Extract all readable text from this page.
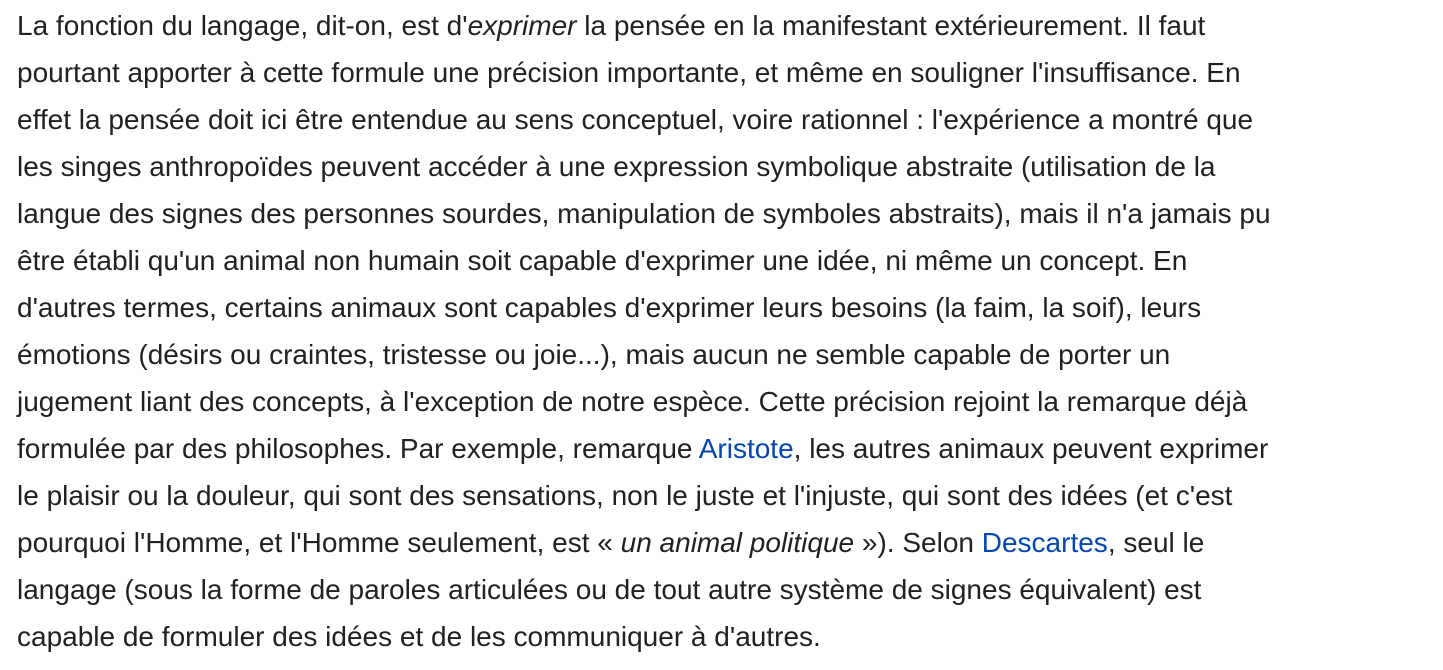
La fonction du langage, dit-on, est d'exprimer la pensée en la manifestant extérieurement. Il faut
pourtant apporter à cette formule une précision importante, et même en souligner l'insuffisance. En
effet la pensée doit ici être entendue au sens conceptuel, voire rationnel : l'expérience a montré que
les singes anthropoïdes peuvent accéder à une expression symbolique abstraite (utilisation de la
langue des signes des personnes sourdes, manipulation de symboles abstraits), mais il n'a jamais pu
être établi qu'un animal non humain soit capable d'exprimer une idée, ni même un concept. En
d'autres termes, certains animaux sont capables d'exprimer leurs besoins (la faim, la soif), leurs
émotions (désirs ou craintes, tristesse ou joie...), mais aucun ne semble capable de porter un
jugement liant des concepts, à l'exception de notre espèce. Cette précision rejoint la remarque déjà
formulée par des philosophes. Par exemple, remarque Aristote, les autres animaux peuvent exprimer
le plaisir ou la douleur, qui sont des sensations, non le juste et l'injuste, qui sont des idées (et c'est
pourquoi l'Homme, et l'Homme seulement, est « un animal politique »). Selon Descartes, seul le
langage (sous la forme de paroles articulées ou de tout autre système de signes équivalent) est
capable de formuler des idées et de les communiquer à d'autres.
